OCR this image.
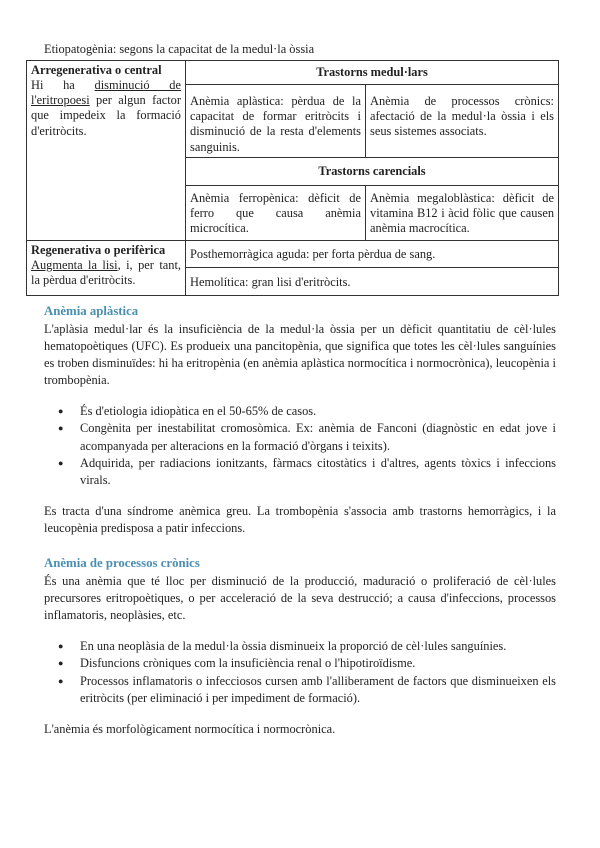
Etiopatogènia: segons la capacitat de la medul·la òssia
Arregenerativa o central
Hi ha disminució de l'eritropoesi per algun factor que impedeix la formació d'eritròcits.	Trastorns medul·lars	
	Anèmia aplàstica: pèrdua de la capacitat de formar eritròcits i disminució de la resta d'elements sanguinis.	Anèmia de processos crònics: afectació de la medul·la òssia i els seus sistemes associats.
	Trastorns carencials	
	Anèmia ferropènica: dèficit de ferro que causa anèmia microcítica.	Anèmia megaloblàstica: dèficit de vitamina B12 i àcid fòlic que causen anèmia macrocítica.

Regenerativa o perifèrica
Augmenta la lisi, i, per tant, la pèrdua d'eritròcits.	Posthemorràgica aguda: per forta pèrdua de sang.	
	Hemolítica: gran lisi d'eritròcits.	
Anèmia aplàstica

L'aplàsia medul·lar és la insuficiència de la medul·la òssia per un dèficit quantitatiu de cèl·lules hematopoètiques (UFC). Es produeix una pancitopènia, que significa que totes les cèl·lules sanguínies es troben disminuïdes: hi ha eritropènia (en anèmia aplàstica normocítica i normocrònica), leucopènia i trombopènia.

● És d'etiologia idiopàtica en el 50-65% de casos.
● Congènita per inestabilitat cromosòmica. Ex: anèmia de Fanconi (diagnòstic en edat jove i acompanyada per alteracions en la formació d'òrgans i teixits).
● Adquirida, per radiacions ionitzants, fàrmacs citostàtics i d'altres, agents tòxics i infeccions virals.

Es tracta d'una síndrome anèmica greu. La trombopènia s'associa amb trastorns hemorràgics, i la leucopènia predisposa a patir infeccions.

Anèmia de processos crònics

És una anèmia que té lloc per disminució de la producció, maduració o proliferació de cèl·lules precursores eritropoètiques, o per acceleració de la seva destrucció; a causa d'infeccions, processos inflamatoris, neoplàsies, etc.

● En una neoplàsia de la medul·la òssia disminueix la proporció de cèl·lules sanguínies.
● Disfuncions cròniques com la insuficiència renal o l'hipotiroïdisme.
● Processos inflamatoris o infecciosos cursen amb l'alliberament de factors que disminueixen els eritròcits (per eliminació i per impediment de formació).

L'anèmia és morfològicament normocítica i normocrònica.
